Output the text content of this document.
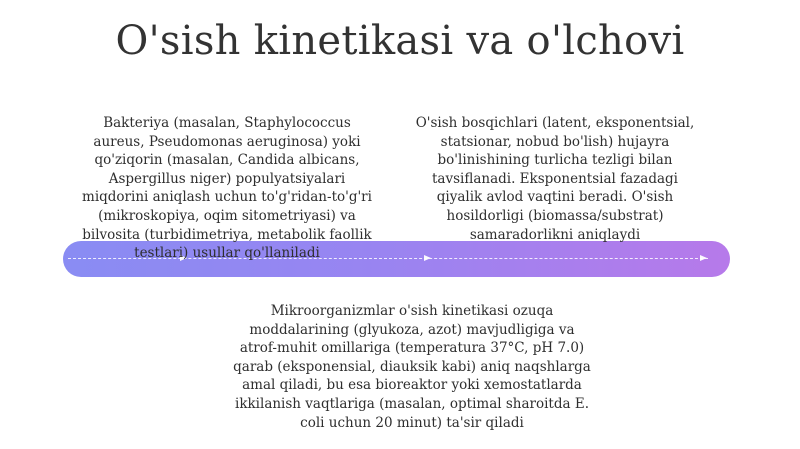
O'sish kinetikasi va o'lchovi
Bakteriya (masalan, Staphylococcus aureus, Pseudomonas aeruginosa) yoki qo'ziqorin (masalan, Candida albicans, Aspergillus niger) populyatsiyalari miqdorini aniqlash uchun to'g'ridan-to'g'ri (mikroskopiya, oqim sitometriyasi) va bilvosita (turbidimetriya, metabolik faollik testlari) usullar qo'llaniladi
O'sish bosqichlari (latent, eksponentsial, statsionar, nobud bo'lish) hujayra bo'linishining turlicha tezligi bilan tavsiflanadi. Eksponentsial fazadagi qiyalik avlod vaqtini beradi. O'sish hosildorligi (biomassa/substrat) samaradorlikni aniqlaydi
Mikroorganizmlar o'sish kinetikasi ozuqa moddalarining (glyukoza, azot) mavjudligiga va atrof-muhit omillariga (temperatura 37°C, pH 7.0) qarab (eksponensial, diauksik kabi) aniq naqshlarga amal qiladi, bu esa bioreaktor yoki xemostatlarda ikkilanish vaqtlariga (masalan, optimal sharoitda E. coli uchun 20 minut) ta'sir qiladi
